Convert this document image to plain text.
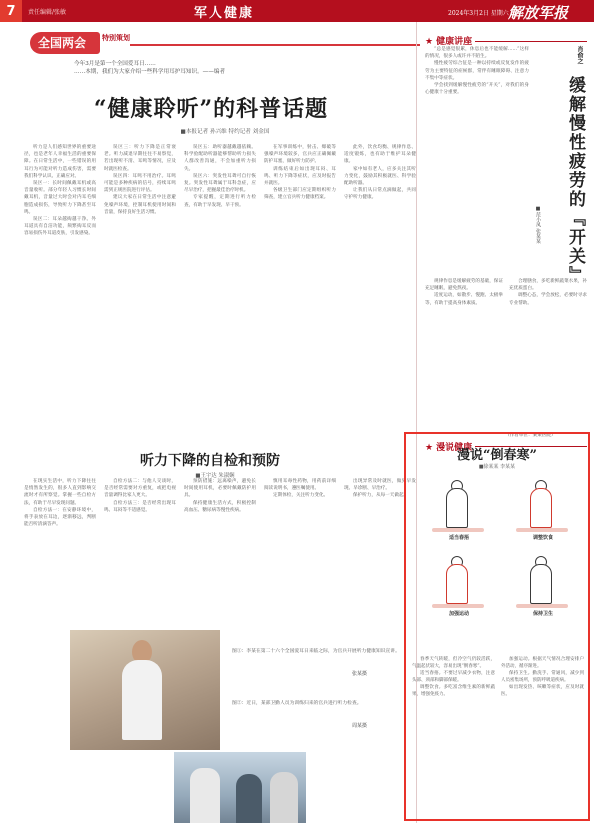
7	责任编辑/张敏	军人健康	2024年3月2日 星期六 解放军报
全国两会	特别策划
今年3月是第一个全国爱耳日……
……本期，我们为大家介绍一些科学用耳护耳知识。——编者
“健康聆听”的科普话题
■本报记者 孙兴维 特约记者 刘金国

听力是人们感知世界的重要途径，也是老年人幸福生活的重要保障。在日常生活中，一些错误的用耳行为可能对听力造成伤害，需要我们科学认识、正确应对。

误区一：长时间佩戴耳机或高音量收听。部分年轻人习惯长时间戴耳机，音量过大时会对内耳毛细胞造成损伤，导致听力下降甚至耳鸣。

误区二：耳朵越掏越干净。外耳道具有自洁功能，频繁掏耳反而容易损伤外耳道皮肤，引发感染。

误区三：听力下降是正常衰老。听力减退早期往往不易察觉，若出现听不清、耳鸣等情况，应及时就医检查。

误区四：耳鸣不用治疗。耳鸣可能是多种疾病的信号，持续耳鸣需到正规医院进行评估。

建议大家在日常生活中注意避免噪声环境，控制耳机使用时间和音量，保持良好生活习惯。

误区五：助听器越戴越依赖。科学验配助听器能够帮助听力损失人群改善沟通，不会加重听力损失。

误区六：突发性耳聋可自行恢复。突发性耳聋属于耳科急症，应尽早治疗，把握最佳治疗时机。

专家提醒，定期进行听力检查，有助于早发现、早干预。

在军事训练中，射击、爆破等强噪声环境较多，官兵应正确佩戴防护耳塞，做好听力防护。

训练结束后如出现耳闷、耳鸣、听力下降等症状，应及时报告并就医。

各级卫生部门应定期组织听力筛查，建立官兵听力健康档案。

此外，饮食均衡、规律作息、适度锻炼，也有助于维护耳朵健康。

家中如有老人，应多关注其听力变化，鼓励其积极就医、科学验配助听器。

让我们从日常点滴做起，共同守护听力健康。

听力下降的自检和预防
■王宇达 朱淑娴

在现实生活中，听力下降往往是悄然发生的，很多人直到影响交流时才有所察觉。掌握一些自检方法，有助于尽早发现问题。

自检方法一：在安静环境中，将手表放在耳边，逐渐移远，判断能否听清滴答声。

自检方法二：与他人交谈时，是否经常需要对方重复，或把电视音量调得比家人更大。

自检方法三：是否经常出现耳鸣、耳闷等不适感觉。

预防措施：远离噪声，避免长时间使用耳机，必要时佩戴防护用具。

保持健康生活方式，积极控制高血压、糖尿病等慢性疾病。

慎用耳毒性药物，用药前详细阅读说明书，遵医嘱使用。

定期体检，关注听力变化。

出现异常及时就医，做到早发现、早诊断、早治疗。

保护听力，从每一天做起。

图①：李某在第二十六个全国爱耳日来临之际，为官兵开展听力健康知识宣讲。
张某摄
图②：近日，某部卫勤人员为训练归来的官兵进行听力检查。
周某摄
★ 健康讲座

“总是感觉很累，休息后也不能缓解……”这样的情况，很多人或许并不陌生。

慢性疲劳综合征是一种以持续或反复发作的疲劳为主要特征的症候群，常伴有睡眠障碍、注意力不集中等症状。

学会找到缓解慢性疲劳的“开关”，对我们的身心健康十分重要。

肖俞之
缓解慢性疲劳的『开关』
■范小凤 张某某

规律作息是缓解疲劳的基础，保证充足睡眠，避免熬夜。

适度运动，如散步、慢跑、太极拳等，有助于提高身体素质。

合理膳食，多吃新鲜蔬菜水果，补充优质蛋白。

调整心态，学会放松，必要时寻求专业帮助。

（作者单位：某某医院）
★ 漫说健康
漫说“倒春寒”
■徐某某 李某某
适当春捂	调整饮食
加强运动	保持卫生

春季天气转暖，但冷空气仍较活跃，气温起伏较大，容易出现“倒春寒”。

适当春捂。不要过早减少衣物，注意头部、颈部和脚部保暖。

调整饮食。多吃富含维生素的新鲜蔬果，增强免疫力。

加强运动。根据天气情况合理安排户外活动，循序渐进。

保持卫生。勤洗手、常通风，减少到人员密集场所，预防呼吸道疾病。

如出现发热、咳嗽等症状，应及时就医。
